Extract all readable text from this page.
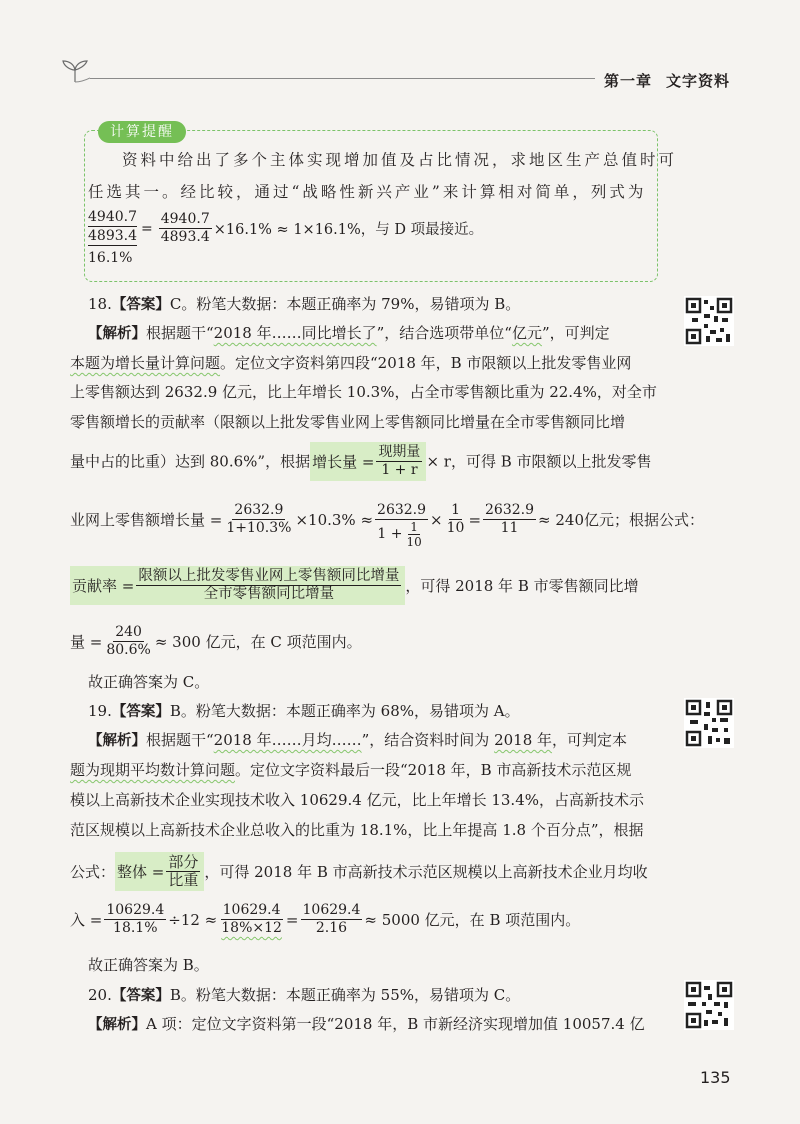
第一章 文字资料
计算提醒
资料中给出了多个主体实现增加值及占比情况，求地区生产总值时可
任选其一。经比较，通过“战略性新兴产业”来计算相对简单，列式为
4940.7
4893.4
16.1%
= $\frac{4940.7}{4893.4} \times 16.1\% \approx 1\times 16.1\%$，与 D 项最接近。
18.【答案】C。粉笔大数据：本题正确率为 79%，易错项为 B。
【解析】根据题干“2018 年……同比增长了”，结合选项带单位“亿元”，可判定
本题为增长量计算问题。定位文字资料第四段“2018 年，B 市限额以上批发零售业网
上零售额达到 2632.9 亿元，比上年增长 10.3%，占全市零售额比重为 22.4%，对全市
零售额增长的贡献率（限额以上批发零售业网上零售额同比增量在全市零售额同比增
量中占的比重）达到 80.6%”，根据 增长量 = $\frac{\text{现期量}}{1 + r} \times r$，可得 B 市限额以上批发零售
业网上零售额增长量 = $\frac{2632.9}{1+10.3\%} \times 10.3\% \approx \frac{2632.9}{1 + \frac{1}{10}} \times \frac{1}{10} = \frac{2632.9}{11} \approx 240$亿元；根据公式：
贡献率 = $\frac{\text{限额以上批发零售业网上零售额同比增量}}{\text{全市零售额同比增量}}$ ，可得 2018 年 B 市零售额同比增
量 = $\frac{240}{80.6\%} \approx 300$ 亿元，在 C 项范围内。
故正确答案为 C。
19.【答案】B。粉笔大数据：本题正确率为 68%，易错项为 A。
【解析】根据题干“2018 年……月均……”，结合资料时间为 2018 年，可判定本
题为现期平均数计算问题。定位文字资料最后一段“2018 年，B 市高新技术示范区规
模以上高新技术企业实现技术收入 10629.4 亿元，比上年增长 13.4%，占高新技术示
范区规模以上高新技术企业总收入的比重为 18.1%，比上年提高 1.8 个百分点”，根据
公式： 整体 = $\frac{\text{部分}}{\text{比重}}$ ，可得 2018 年 B 市高新技术示范区规模以上高新技术企业月均收
入 = $\frac{10629.4}{18.1\%} \div 12 \approx \frac{10629.4}{18\%\times 12} = \frac{10629.4}{2.16} \approx 5000$ 亿元，在 B 项范围内。
故正确答案为 B。
20.【答案】B。粉笔大数据：本题正确率为 55%，易错项为 C。
【解析】A 项：定位文字资料第一段“2018 年，B 市新经济实现增加值 10057.4 亿
135
